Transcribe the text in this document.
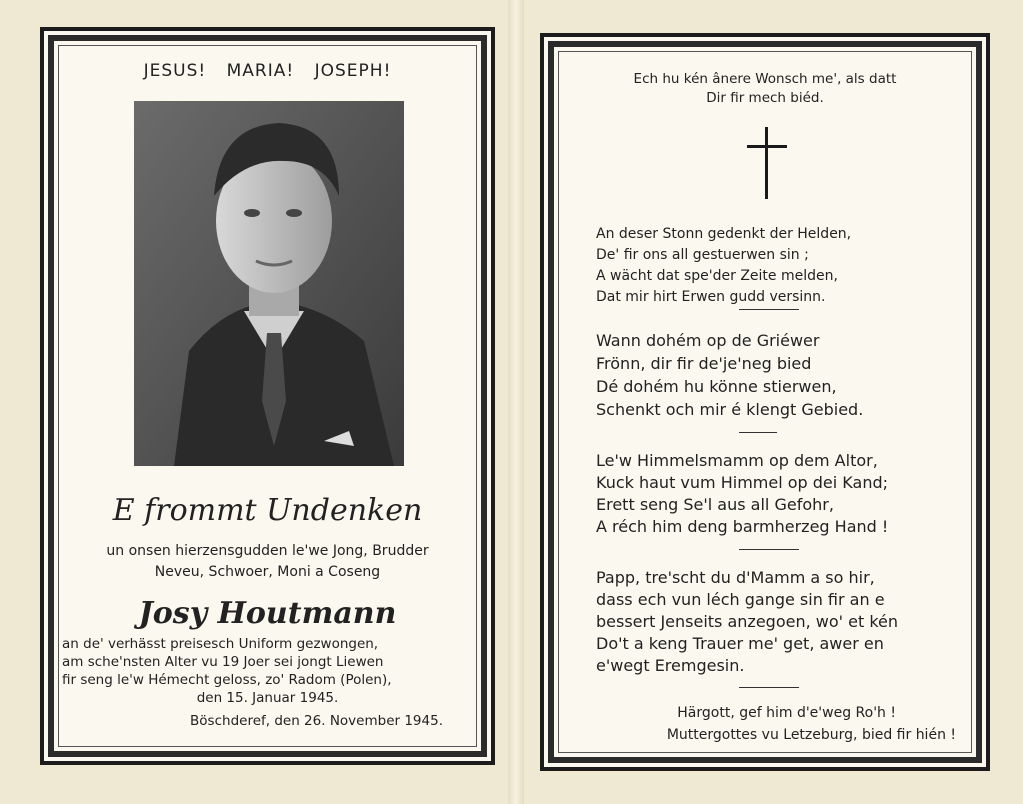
JESUS! MARIA! JOSEPH!
E frommt Undenken
un onsen hierzensgudden le'we Jong, Brudder
Neveu, Schwoer, Moni a Coseng
Josy Houtmann
an de' verhässt preisesch Uniform gezwongen,
am sche'nsten Alter vu 19 Joer sei jongt Liewen
fir seng le'w Hémecht geloss, zo' Radom (Polen),
den 15. Januar 1945.
Böschderef, den 26. November 1945.
Ech hu kén ânere Wonsch me', als datt
Dir fir mech biéd.
An deser Stonn gedenkt der Helden,
De' fir ons all gestuerwen sin ;
A wächt dat spe'der Zeite melden,
Dat mir hirt Erwen gudd versinn.
Wann dohém op de Griéwer
Frönn, dir fir de'je'neg bied
Dé dohém hu könne stierwen,
Schenkt och mir é klengt Gebied.
Le'w Himmelsmamm op dem Altor,
Kuck haut vum Himmel op dei Kand;
Erett seng Se'l aus all Gefohr,
A réch him deng barmherzeg Hand !
Papp, tre'scht du d'Mamm a so hir,
dass ech vun léch gange sin fir an e
bessert Jenseits anzegoen, wo' et kén
Do't a keng Trauer me' get, awer en
e'wegt Eremgesin.
Härgott, gef him d'e'weg Ro'h !
Muttergottes vu Letzeburg, bied fir hién !
